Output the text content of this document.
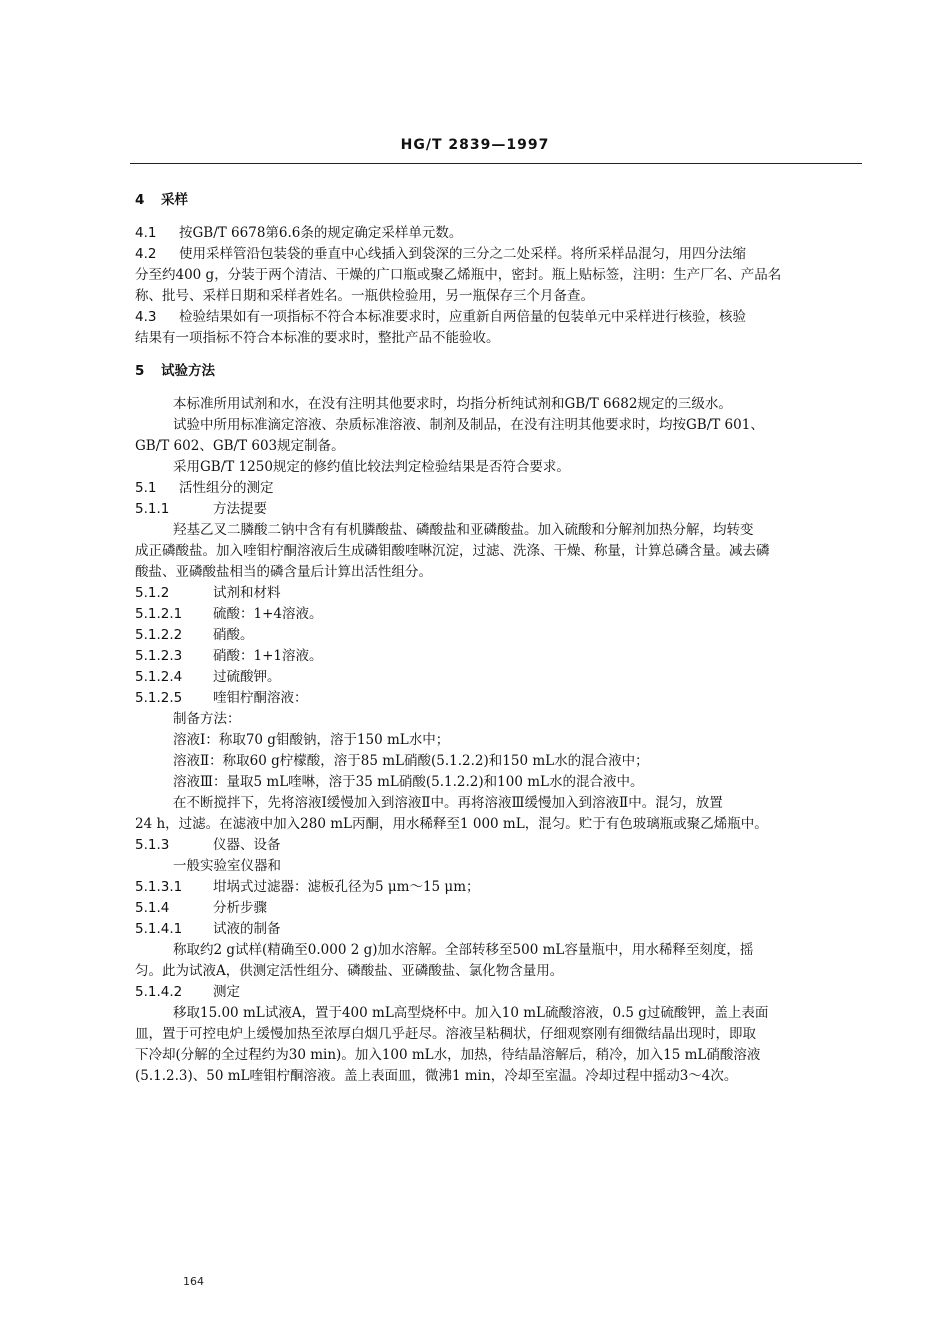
HG/T 2839—1997
4 采样
4.1 按GB/T 6678第6.6条的规定确定采样单元数。
4.2 使用采样管沿包装袋的垂直中心线插入到袋深的三分之二处采样。将所采样品混匀，用四分法缩
分至约400 g，分装于两个清洁、干燥的广口瓶或聚乙烯瓶中，密封。瓶上贴标签，注明：生产厂名、产品名
称、批号、采样日期和采样者姓名。一瓶供检验用，另一瓶保存三个月备查。
4.3 检验结果如有一项指标不符合本标准要求时，应重新自两倍量的包装单元中采样进行核验，核验
结果有一项指标不符合本标准的要求时，整批产品不能验收。
5 试验方法
本标准所用试剂和水，在没有注明其他要求时，均指分析纯试剂和GB/T 6682规定的三级水。
试验中所用标准滴定溶液、杂质标准溶液、制剂及制品，在没有注明其他要求时，均按GB/T 601、
GB/T 602、GB/T 603规定制备。
采用GB/T 1250规定的修约值比较法判定检验结果是否符合要求。
5.1 活性组分的测定
5.1.1	方法提要
羟基乙叉二膦酸二钠中含有有机膦酸盐、磷酸盐和亚磷酸盐。加入硫酸和分解剂加热分解，均转变
成正磷酸盐。加入喹钼柠酮溶液后生成磷钼酸喹啉沉淀，过滤、洗涤、干燥、称量，计算总磷含量。减去磷
酸盐、亚磷酸盐相当的磷含量后计算出活性组分。
5.1.2	试剂和材料
5.1.2.1 硫酸：1+4溶液。
5.1.2.2 硝酸。
5.1.2.3 硝酸：1+1溶液。
5.1.2.4 过硫酸钾。
5.1.2.5 喹钼柠酮溶液：
制备方法：
溶液Ⅰ：称取70 g钼酸钠，溶于150 mL水中；
溶液Ⅱ：称取60 g柠檬酸，溶于85 mL硝酸(5.1.2.2)和150 mL水的混合液中；
溶液Ⅲ：量取5 mL喹啉，溶于35 mL硝酸(5.1.2.2)和100 mL水的混合液中。
在不断搅拌下，先将溶液Ⅰ缓慢加入到溶液Ⅱ中。再将溶液Ⅲ缓慢加入到溶液Ⅱ中。混匀，放置
24 h，过滤。在滤液中加入280 mL丙酮，用水稀释至1 000 mL，混匀。贮于有色玻璃瓶或聚乙烯瓶中。
5.1.3	仪器、设备
一般实验室仪器和
5.1.3.1 坩埚式过滤器：滤板孔径为5 μm～15 μm；
5.1.4	分析步骤
5.1.4.1 试液的制备
称取约2 g试样(精确至0.000 2 g)加水溶解。全部转移至500 mL容量瓶中，用水稀释至刻度，摇
匀。此为试液A，供测定活性组分、磷酸盐、亚磷酸盐、氯化物含量用。
5.1.4.2 测定
移取15.00 mL试液A，置于400 mL高型烧杯中。加入10 mL硫酸溶液，0.5 g过硫酸钾，盖上表面
皿，置于可控电炉上缓慢加热至浓厚白烟几乎赶尽。溶液呈粘稠状，仔细观察刚有细微结晶出现时，即取
下冷却(分解的全过程约为30 min)。加入100 mL水，加热，待结晶溶解后，稍冷，加入15 mL硝酸溶液
(5.1.2.3)、50 mL喹钼柠酮溶液。盖上表面皿，微沸1 min，冷却至室温。冷却过程中摇动3～4次。
164
